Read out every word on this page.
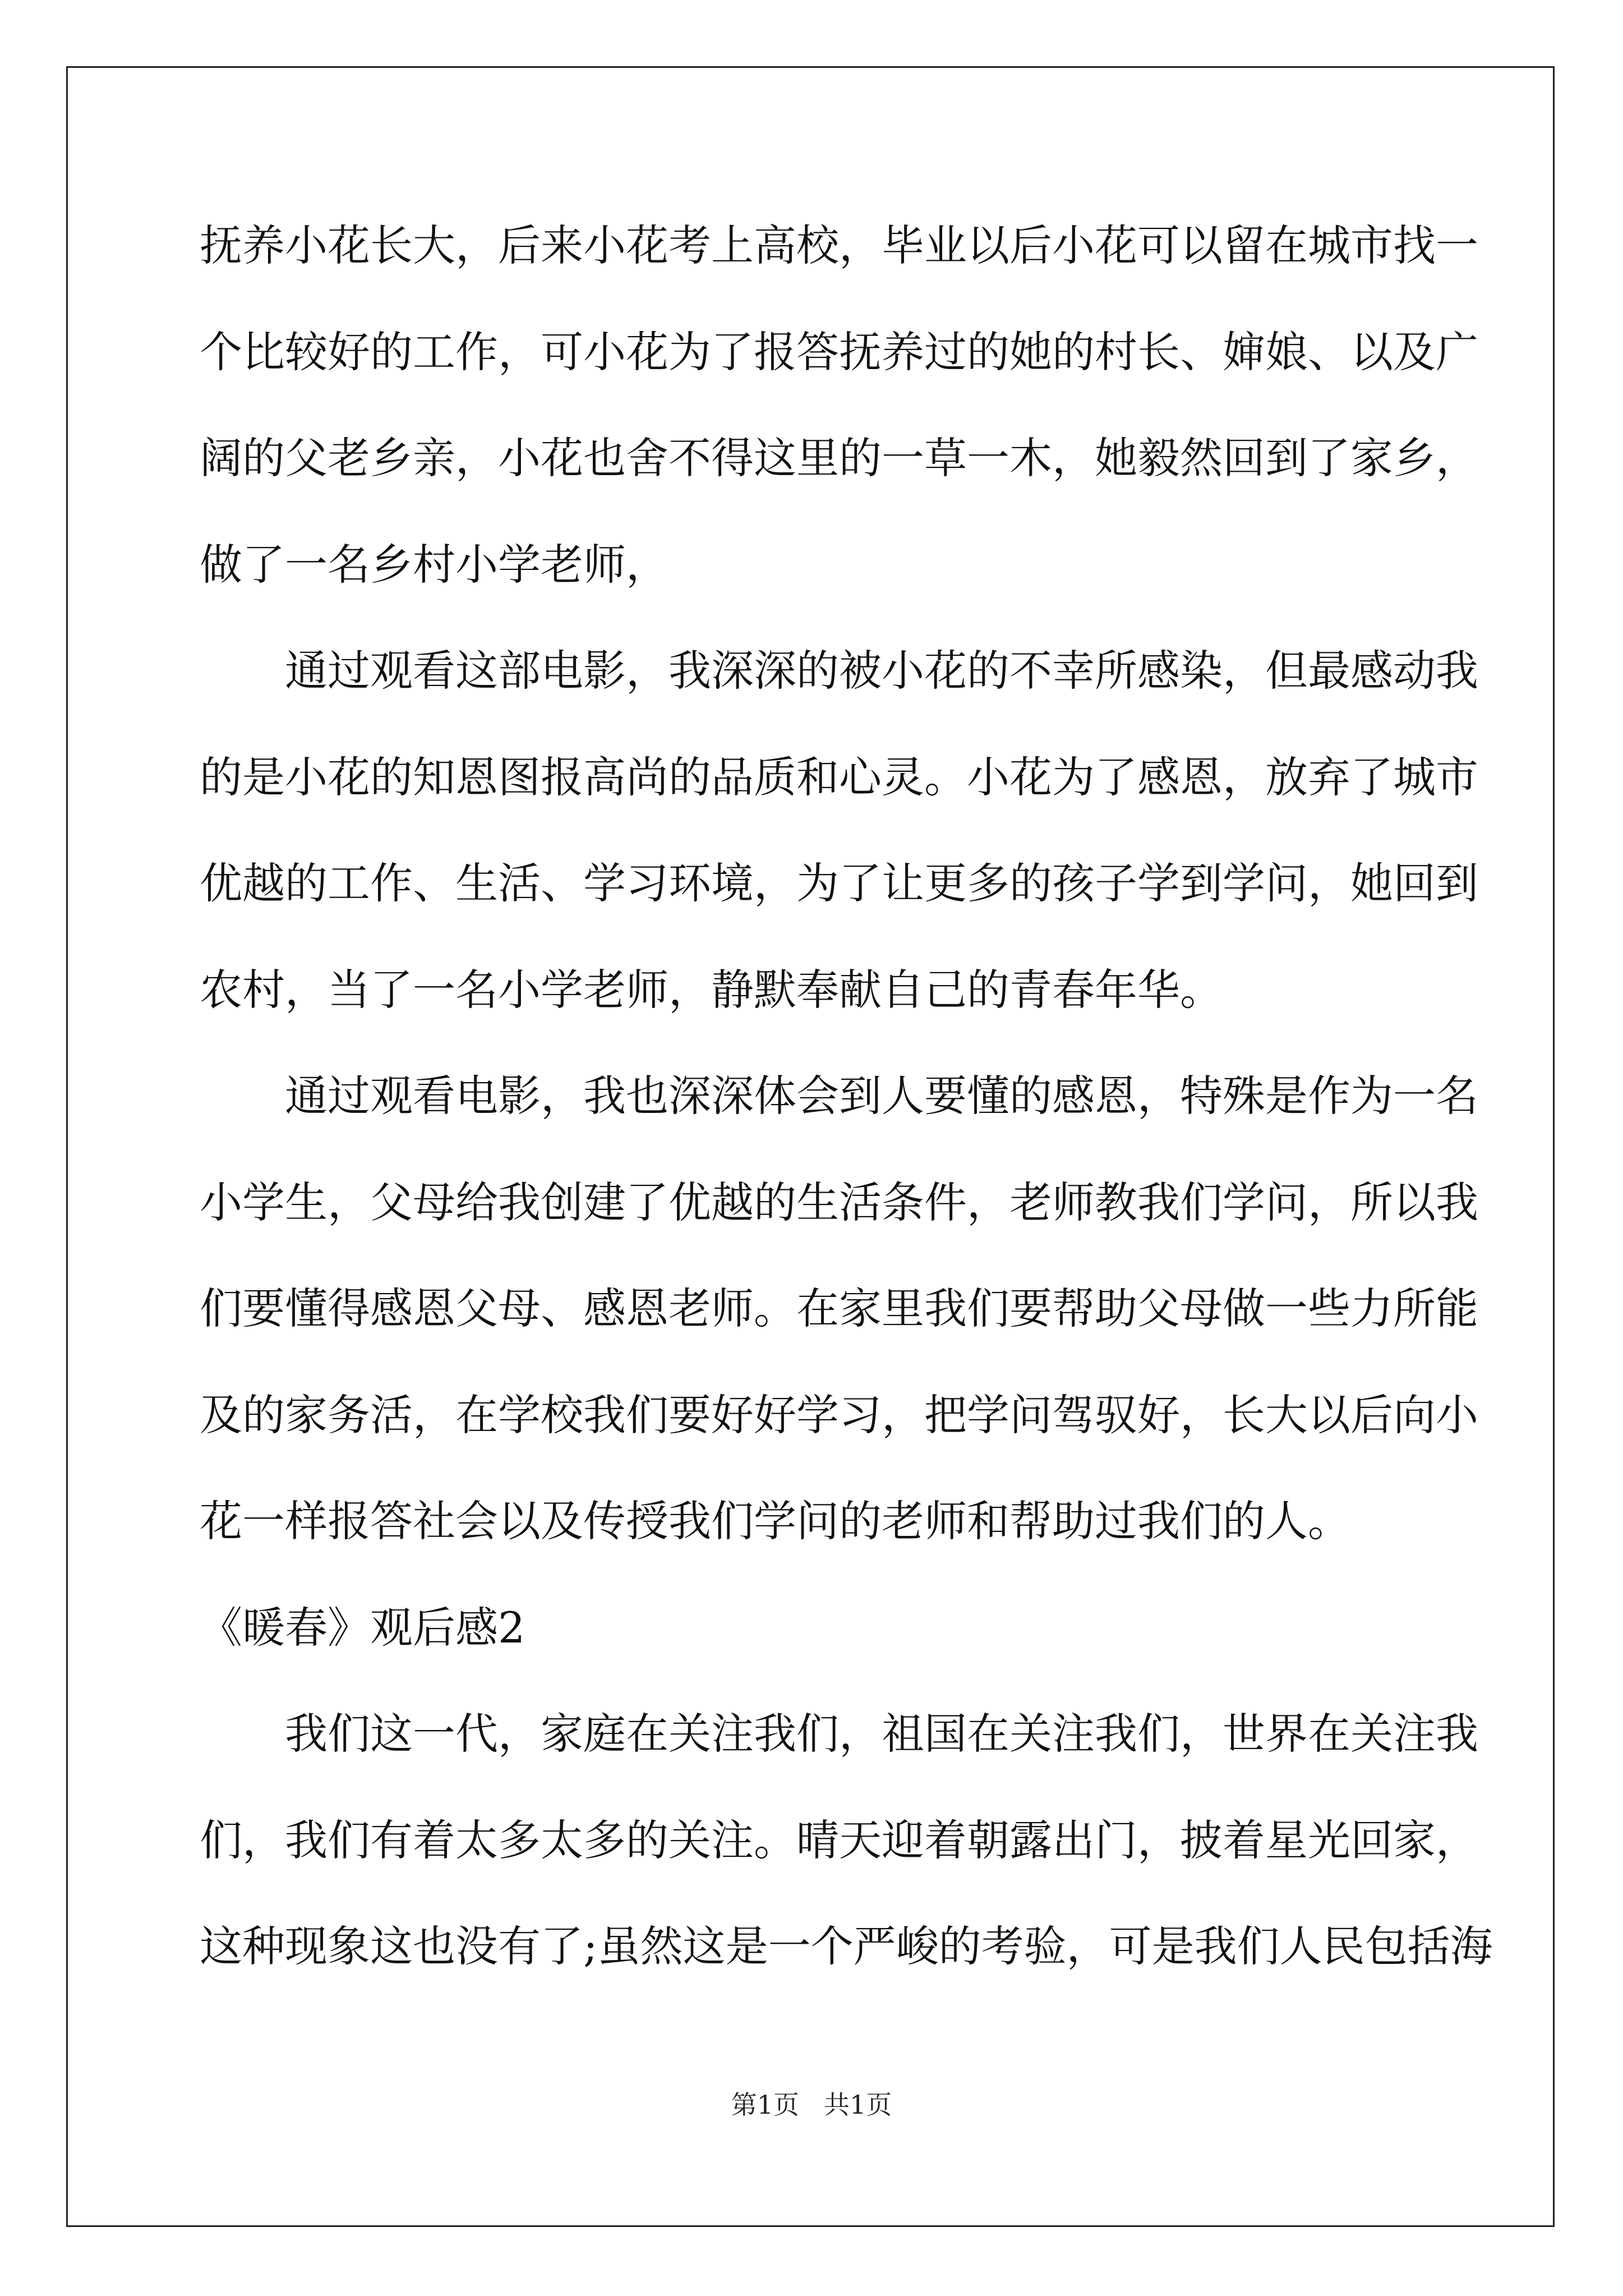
抚养小花长大，后来小花考上高校，毕业以后小花可以留在城市找一
个比较好的工作，可小花为了报答抚养过的她的村长、婶娘、以及广
阔的父老乡亲，小花也舍不得这里的一草一木，她毅然回到了家乡，
做了一名乡村小学老师，
通过观看这部电影，我深深的被小花的不幸所感染，但最感动我
的是小花的知恩图报高尚的品质和心灵。小花为了感恩，放弃了城市
优越的工作、生活、学习环境，为了让更多的孩子学到学问，她回到
农村，当了一名小学老师，静默奉献自己的青春年华。
通过观看电影，我也深深体会到人要懂的感恩，特殊是作为一名
小学生，父母给我创建了优越的生活条件，老师教我们学问，所以我
们要懂得感恩父母、感恩老师。在家里我们要帮助父母做一些力所能
及的家务活，在学校我们要好好学习，把学问驾驭好，长大以后向小
花一样报答社会以及传授我们学问的老师和帮助过我们的人。
《暖春》观后感2
我们这一代，家庭在关注我们，祖国在关注我们，世界在关注我
们，我们有着太多太多的关注。晴天迎着朝露出门，披着星光回家，
这种现象这也没有了;虽然这是一个严峻的考验，可是我们人民包括海
第1页 共1页
